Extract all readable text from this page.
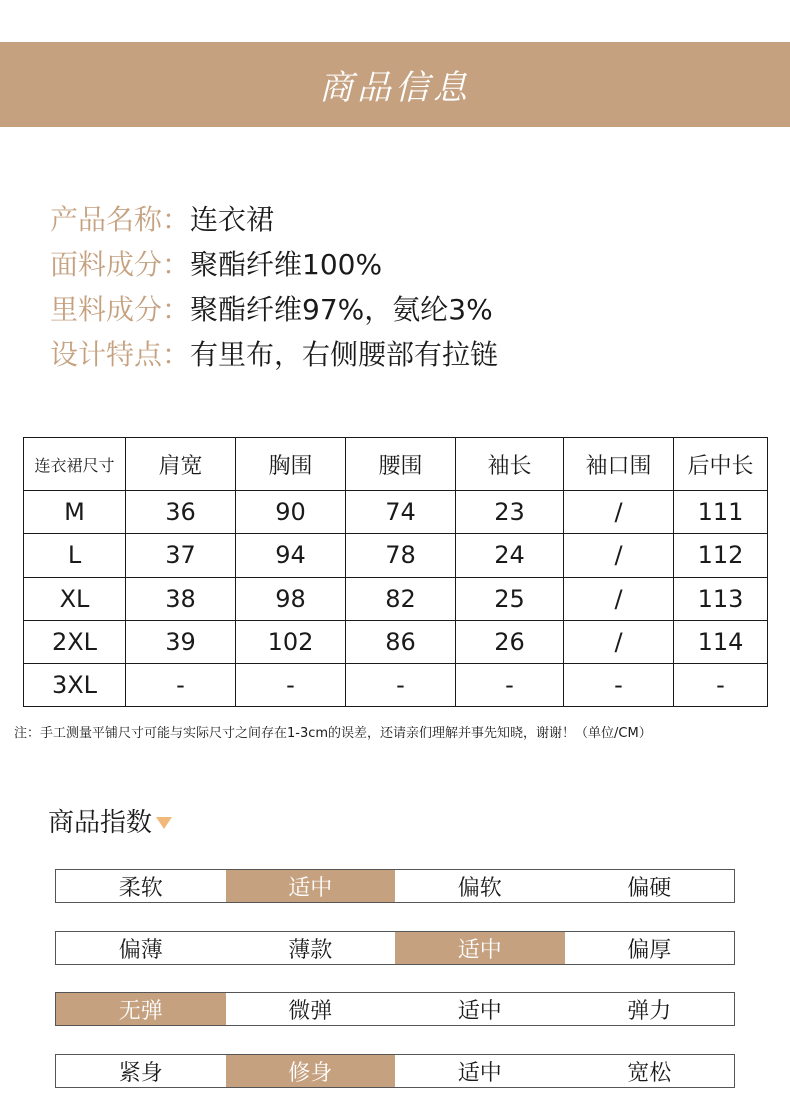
商品信息
产品名称： 连衣裙
面料成分： 聚酯纤维100%
里料成分： 聚酯纤维97%，氨纶3%
设计特点： 有里布，右侧腰部有拉链
连衣裙尺寸	肩宽	胸围	腰围	袖长	袖口围	后中长
M	36	90	74	23	/	111
L	37	94	78	24	/	112
XL	38	98	82	25	/	113
2XL	39	102	86	26	/	114
3XL	-	-	-	-	-	-
注：手工测量平铺尺寸可能与实际尺寸之间存在1-3cm的误差，还请亲们理解并事先知晓，谢谢！（单位/CM）
商品指数
柔软	适中	偏软	偏硬
偏薄	薄款	适中	偏厚
无弹	微弹	适中	弹力
紧身	修身	适中	宽松
